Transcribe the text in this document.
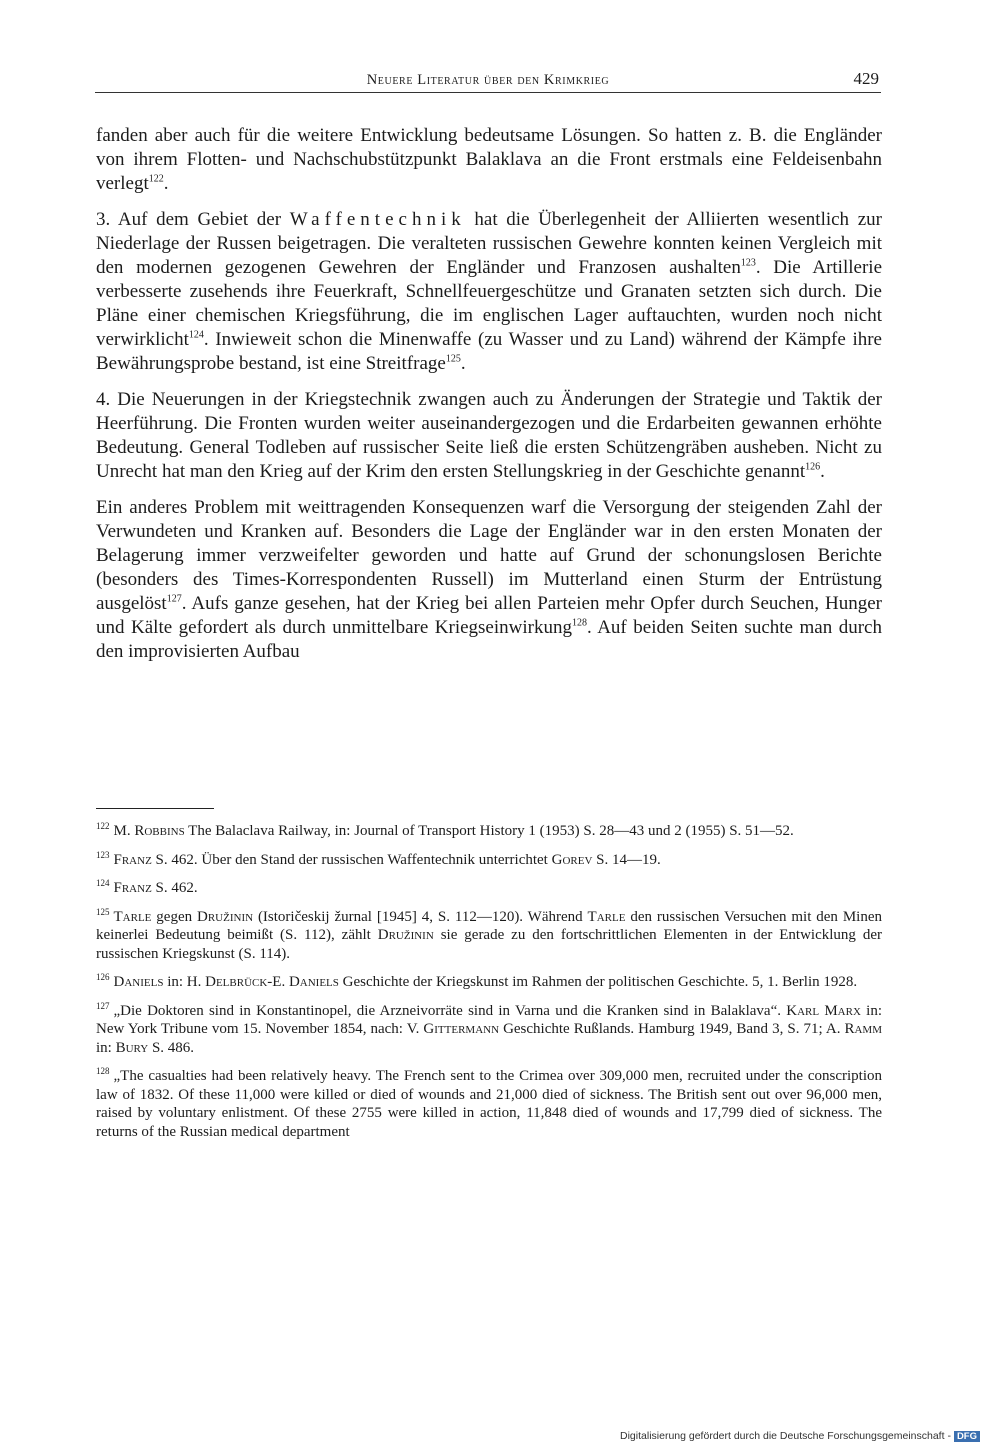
Neuere Literatur über den Krimkrieg	429

fanden aber auch für die weitere Entwicklung bedeutsame Lösungen. So hatten z. B. die Engländer von ihrem Flotten- und Nachschubstützpunkt Balaklava an die Front erstmals eine Feldeisenbahn verlegt$^{122}$.

3. Auf dem Gebiet der Waffentechnik hat die Überlegenheit der Alliierten wesentlich zur Niederlage der Russen beigetragen. Die veralteten russischen Gewehre konnten keinen Vergleich mit den modernen gezogenen Gewehren der Engländer und Franzosen aushalten$^{123}$. Die Artillerie verbesserte zusehends ihre Feuerkraft, Schnellfeuergeschütze und Granaten setzten sich durch. Die Pläne einer chemischen Kriegsführung, die im englischen Lager auftauchten, wurden noch nicht verwirklicht$^{124}$. Inwieweit schon die Minenwaffe (zu Wasser und zu Land) während der Kämpfe ihre Bewährungsprobe bestand, ist eine Streitfrage$^{125}$.

4. Die Neuerungen in der Kriegstechnik zwangen auch zu Änderungen der Strategie und Taktik der Heerführung. Die Fronten wurden weiter auseinandergezogen und die Erdarbeiten gewannen erhöhte Bedeutung. General Todleben auf russischer Seite ließ die ersten Schützengräben ausheben. Nicht zu Unrecht hat man den Krieg auf der Krim den ersten Stellungskrieg in der Geschichte genannt$^{126}$.

Ein anderes Problem mit weittragenden Konsequenzen warf die Versorgung der steigenden Zahl der Verwundeten und Kranken auf. Besonders die Lage der Engländer war in den ersten Monaten der Belagerung immer verzweifelter geworden und hatte auf Grund der schonungslosen Berichte (besonders des Times-Korrespondenten Russell) im Mutterland einen Sturm der Entrüstung ausgelöst$^{127}$. Aufs ganze gesehen, hat der Krieg bei allen Parteien mehr Opfer durch Seuchen, Hunger und Kälte gefordert als durch unmittelbare Kriegseinwirkung$^{128}$. Auf beiden Seiten suchte man durch den improvisierten Aufbau

$^{122}$ M. Robbins The Balaclava Railway, in: Journal of Transport History 1 (1953) S. 28—43 und 2 (1955) S. 51—52.
$^{123}$ Franz S. 462. Über den Stand der russischen Waffentechnik unterrichtet Gorev S. 14—19.
$^{124}$ Franz S. 462.
$^{125}$ Tarle gegen Družinin (Istoričeskij žurnal [1945] 4, S. 112—120). Während Tarle den russischen Versuchen mit den Minen keinerlei Bedeutung beimißt (S. 112), zählt Družinin sie gerade zu den fortschrittlichen Elementen in der Entwicklung der russischen Kriegskunst (S. 114).
$^{126}$ Daniels in: H. Delbrück-E. Daniels Geschichte der Kriegskunst im Rahmen der politischen Geschichte. 5, 1. Berlin 1928.
$^{127}$ „Die Doktoren sind in Konstantinopel, die Arzneivorräte sind in Varna und die Kranken sind in Balaklava“. Karl Marx in: New York Tribune vom 15. November 1854, nach: V. Gittermann Geschichte Rußlands. Hamburg 1949, Band 3, S. 71; A. Ramm in: Bury S. 486.
$^{128}$ „The casualties had been relatively heavy. The French sent to the Crimea over 309,000 men, recruited under the conscription law of 1832. Of these 11,000 were killed or died of wounds and 21,000 died of sickness. The British sent out over 96,000 men, raised by voluntary enlistment. Of these 2755 were killed in action, 11,848 died of wounds and 17,799 died of sickness. The returns of the Russian medical department
Digitalisierung gefördert durch die Deutsche Forschungsgemeinschaft - DFG
